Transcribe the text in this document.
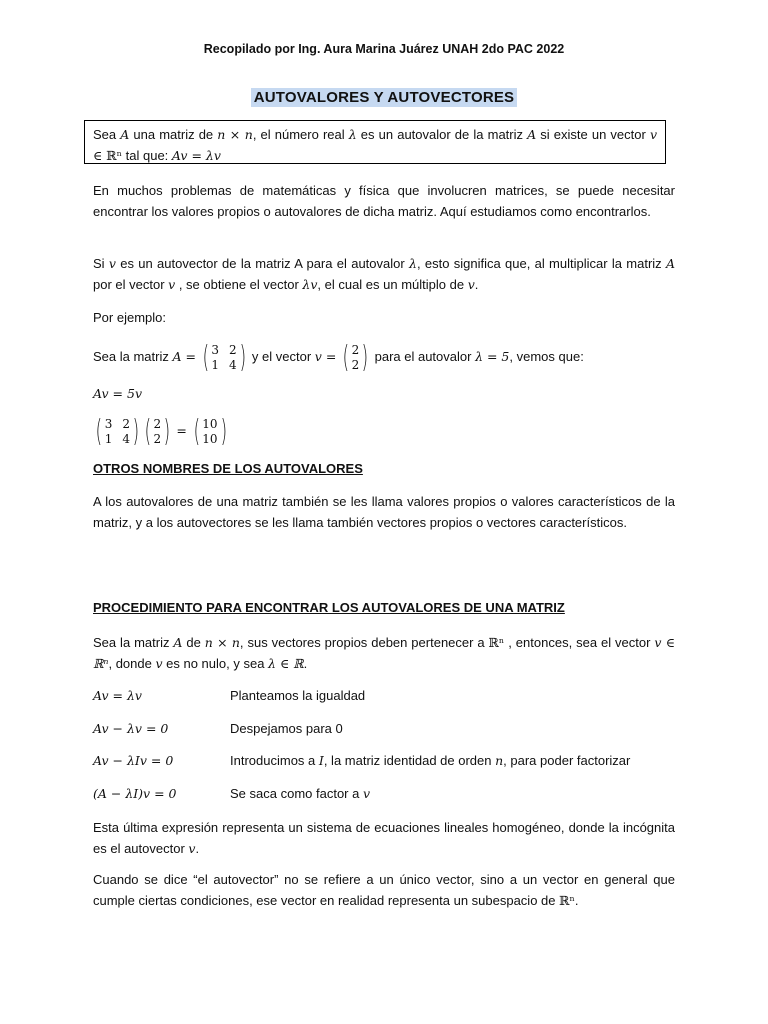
Recopilado por Ing. Aura Marina Juárez UNAH 2do PAC 2022
AUTOVALORES Y AUTOVECTORES
Sea A una matriz de n × n, el número real λ es un autovalor de la matriz A si existe un vector v ∈ ℝⁿ tal que: Av = λv
En muchos problemas de matemáticas y física que involucren matrices, se puede necesitar encontrar los valores propios o autovalores de dicha matriz. Aquí estudiamos como encontrarlos.
Si v es un autovector de la matriz A para el autovalor λ, esto significa que, al multiplicar la matriz A por el vector v , se obtiene el vector λv, el cual es un múltiplo de v.
Por ejemplo:
Sea la matriz A = ( 3 2
1 4 ) y el vector v = ( 2
2 ) para el autovalor λ = 5, vemos que:
Av = 5v
( 3 2
1 4 ) ( 2
2 ) = ( 10
10 )
OTROS NOMBRES DE LOS AUTOVALORES
A los autovalores de una matriz también se les llama valores propios o valores característicos de la matriz, y a los autovectores se les llama también vectores propios o vectores característicos.
PROCEDIMIENTO PARA ENCONTRAR LOS AUTOVALORES DE UNA MATRIZ
Sea la matriz A de n × n, sus vectores propios deben pertenecer a ℝⁿ , entonces, sea el vector v ∈ ℝⁿ, donde v es no nulo, y sea λ ∈ ℝ.
Av = λv	Planteamos la igualdad
Av − λv = 0	Despejamos para 0
Av − λIv = 0	Introducimos a I, la matriz identidad de orden n, para poder factorizar
(A − λI)v = 0	Se saca como factor a v
Esta última expresión representa un sistema de ecuaciones lineales homogéneo, donde la incógnita es el autovector v.
Cuando se dice “el autovector” no se refiere a un único vector, sino a un vector en general que cumple ciertas condiciones, ese vector en realidad representa un subespacio de ℝⁿ.
